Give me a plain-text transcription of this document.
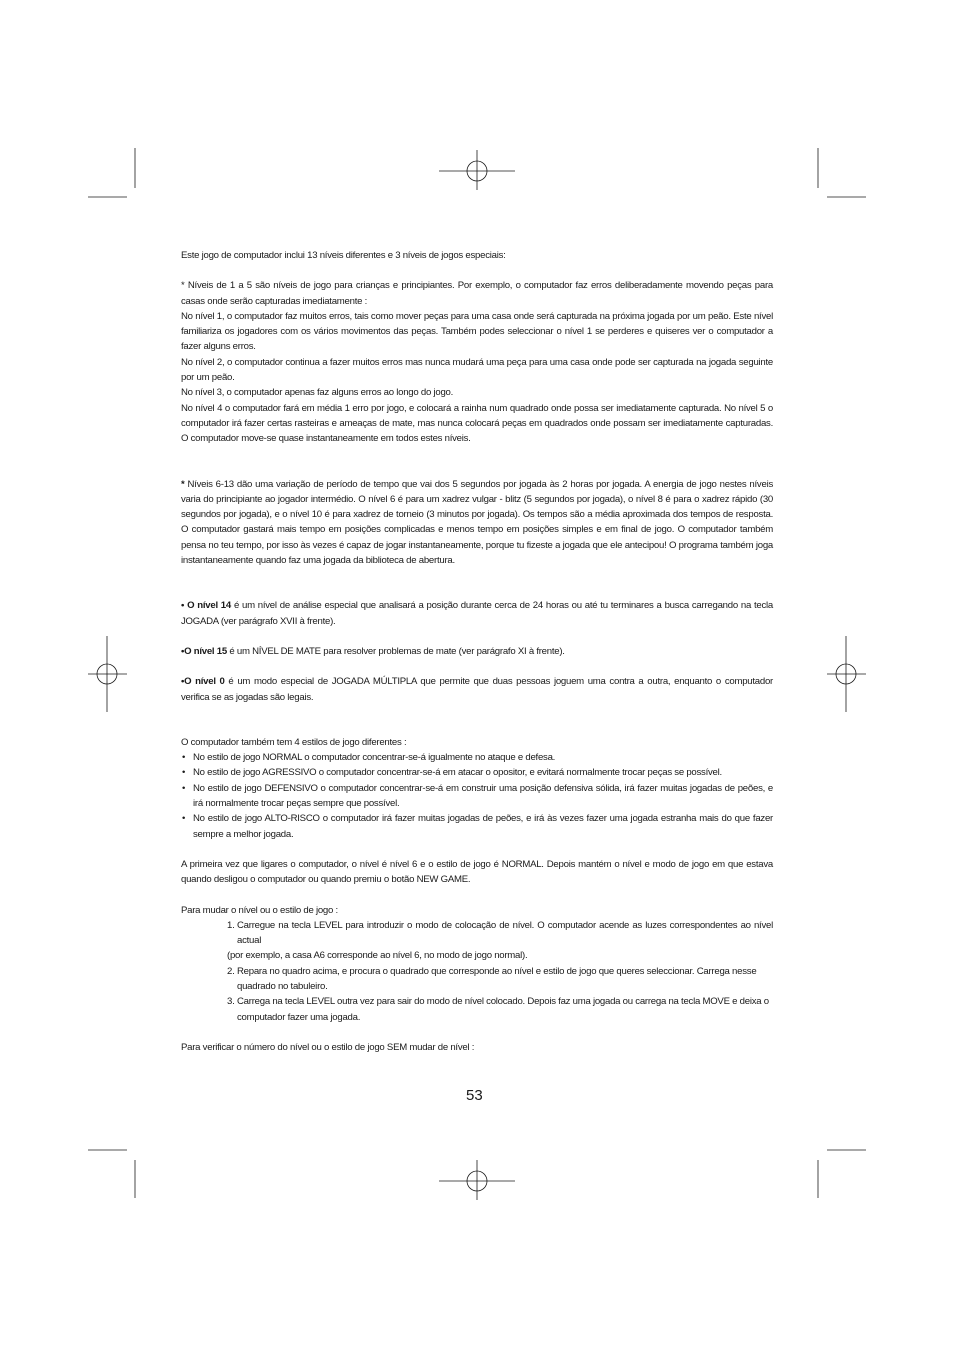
Este jogo de computador inclui 13 níveis diferentes e 3 níveis de jogos especiais:

* Níveis de 1 a 5 são níveis de jogo para crianças e principiantes. Por exemplo, o computador faz erros deliberadamente movendo peças para casas onde serão capturadas imediatamente :

No nível 1, o computador faz muitos erros, tais como mover peças para uma casa onde será capturada na próxima jogada por um peão. Este nível familiariza os jogadores com os vários movimentos das peças. Também podes seleccionar o nível 1 se perderes e quiseres ver o computador a fazer alguns erros.

No nível 2, o computador continua a fazer muitos erros mas nunca mudará uma peça para uma casa onde pode ser capturada na jogada seguinte por um peão.

No nível 3, o computador apenas faz alguns erros ao longo do jogo.

No nível 4 o computador fará em média 1 erro por jogo, e colocará a rainha num quadrado onde possa ser imediatamente capturada. No nível 5 o computador irá fazer certas rasteiras e ameaças de mate, mas nunca colocará peças em quadrados onde possam ser imediatamente capturadas. O computador move-se quase instantaneamente em todos estes níveis.

* Níveis 6-13 dão uma variação de período de tempo que vai dos 5 segundos por jogada às 2 horas por jogada. A energia de jogo nestes níveis varia do principiante ao jogador intermédio. O nível 6 é para um xadrez vulgar - blitz (5 segundos por jogada), o nível 8 é para o xadrez rápido (30 segundos por jogada), e o nível 10 é para xadrez de torneio (3 minutos por jogada). Os tempos são a média aproximada dos tempos de resposta. O computador gastará mais tempo em posições complicadas e menos tempo em posições simples e em final de jogo. O computador também pensa no teu tempo, por isso às vezes é capaz de jogar instantaneamente, porque tu fizeste a jogada que ele antecipou! O programa também joga instantaneamente quando faz uma jogada da biblioteca de abertura.

• O nível 14 é um nível de análise especial que analisará a posição durante cerca de 24 horas ou até tu terminares a busca carregando na tecla JOGADA (ver parágrafo XVII à frente).

•O nível 15 é um NÍVEL DE MATE para resolver problemas de mate (ver parágrafo XI à frente).

•O nível 0 é um modo especial de JOGADA MÚLTIPLA que permite que duas pessoas joguem uma contra a outra, enquanto o computador verifica se as jogadas são legais.

O computador também tem 4 estilos de jogo diferentes :

• No estilo de jogo NORMAL o computador concentrar-se-á igualmente no ataque e defesa.

• No estilo de jogo AGRESSIVO o computador concentrar-se-á em atacar o opositor, e evitará normalmente trocar peças se possível.

• No estilo de jogo DEFENSIVO o computador concentrar-se-á em construir uma posição defensiva sólida, irá fazer muitas jogadas de peões, e irá normalmente trocar peças sempre que possível.

• No estilo de jogo ALTO-RISCO o computador irá fazer muitas jogadas de peões, e irá às vezes fazer uma jogada estranha mais do que fazer sempre a melhor jogada.

A primeira vez que ligares o computador, o nível é nível 6 e o estilo de jogo é NORMAL. Depois mantém o nível e modo de jogo em que estava quando desligou o computador ou quando premiu o botão NEW GAME.

Para mudar o nível ou o estilo de jogo :

1. Carregue na tecla LEVEL para introduzir o modo de colocação de nível. O computador acende as luzes correspondentes ao nível actual

(por exemplo, a casa A6 corresponde ao nível 6, no modo de jogo normal).

2. Repara no quadro acima, e procura o quadrado que corresponde ao nível e estilo de jogo que queres seleccionar. Carrega nesse

quadrado no tabuleiro.

3. Carrega na tecla LEVEL outra vez para sair do modo de nível colocado. Depois faz uma jogada ou carrega na tecla MOVE e deixa o

computador fazer uma jogada.

Para verificar o número do nível ou o estilo de jogo SEM mudar de nível :

53
